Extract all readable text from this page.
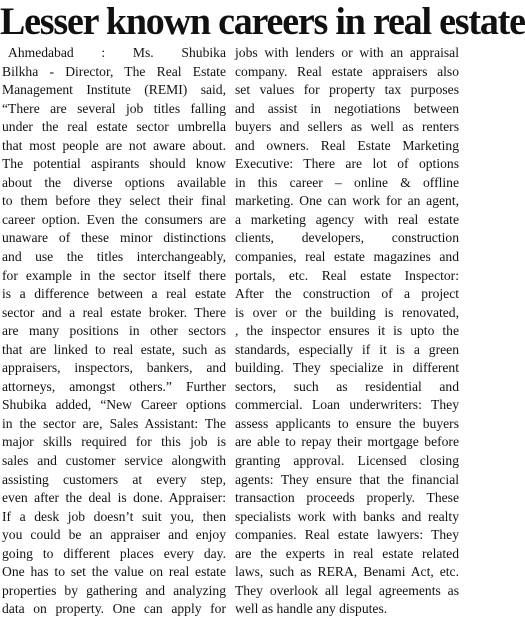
Lesser known careers in real estate
Ahmedabad : Ms. Shubika
Bilkha - Director, The Real Estate
Management Institute (REMI) said,
“There are several job titles falling
under the real estate sector umbrella
that most people are not aware about.
The potential aspirants should know
about the diverse options available
to them before they select their final
career option. Even the consumers are
unaware of these minor distinctions
and use the titles interchangeably,
for example in the sector itself there
is a difference between a real estate
sector and a real estate broker. There
are many positions in other sectors
that are linked to real estate, such as
appraisers, inspectors, bankers, and
attorneys, amongst others.” Further
Shubika added, “New Career options
in the sector are, Sales Assistant: The
major skills required for this job is
sales and customer service alongwith
assisting customers at every step,
even after the deal is done. Appraiser:
If a desk job doesn’t suit you, then
you could be an appraiser and enjoy
going to different places every day.
One has to set the value on real estate
properties by gathering and analyzing
data on property. One can apply for
jobs with lenders or with an appraisal
company. Real estate appraisers also
set values for property tax purposes
and assist in negotiations between
buyers and sellers as well as renters
and owners. Real Estate Marketing
Executive: There are lot of options
in this career – online & offline
marketing. One can work for an agent,
a marketing agency with real estate
clients, developers, construction
companies, real estate magazines and
portals, etc. Real estate Inspector:
After the construction of a project
is over or the building is renovated,
, the inspector ensures it is upto the
standards, especially if it is a green
building. They specialize in different
sectors, such as residential and
commercial. Loan underwriters: They
assess applicants to ensure the buyers
are able to repay their mortgage before
granting approval. Licensed closing
agents: They ensure that the financial
transaction proceeds properly. These
specialists work with banks and realty
companies. Real estate lawyers: They
are the experts in real estate related
laws, such as RERA, Benami Act, etc.
They overlook all legal agreements as
well as handle any disputes.
